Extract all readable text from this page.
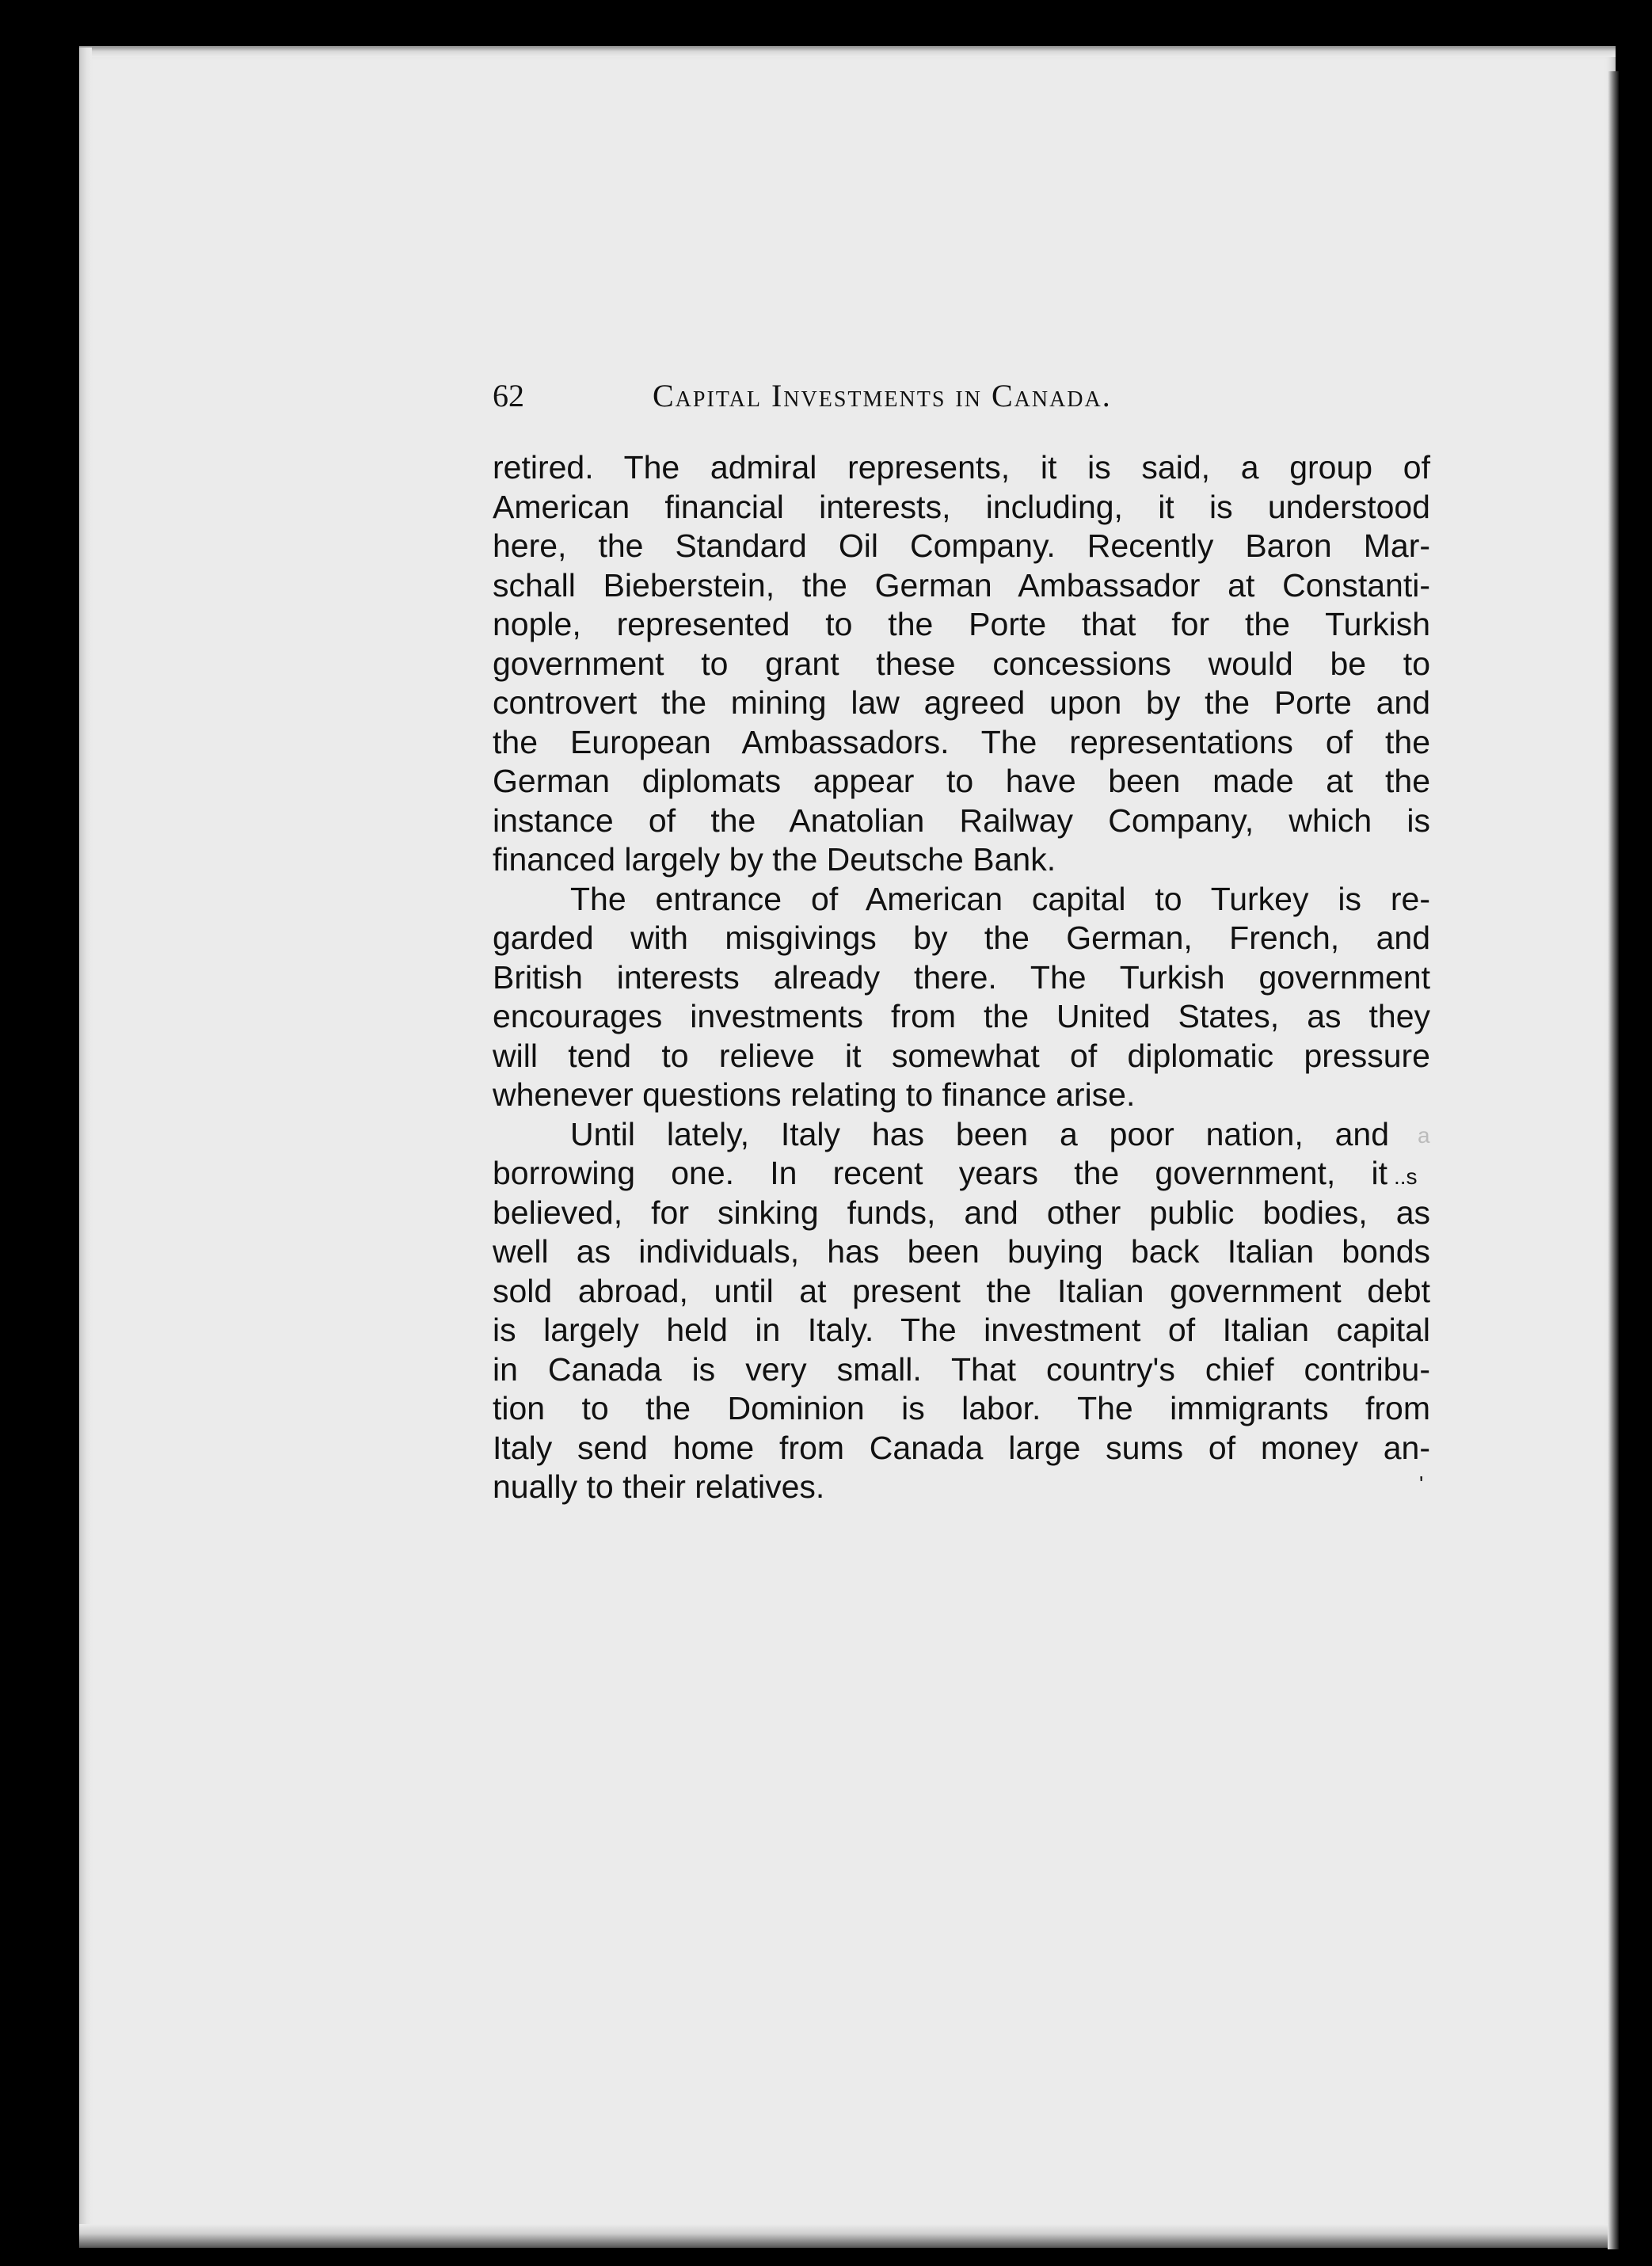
62	Capital Investments in Canada.

retired. The admiral represents, it is said, a group of
American financial interests, including, it is understood
here, the Standard Oil Company. Recently Baron Mar-
schall Bieberstein, the German Ambassador at Constanti-
nople, represented to the Porte that for the Turkish
government to grant these concessions would be to
controvert the mining law agreed upon by the Porte and
the European Ambassadors. The representations of the
German diplomats appear to have been made at the
instance of the Anatolian Railway Company, which is
financed largely by the Deutsche Bank.

The entrance of American capital to Turkey is re-
garded with misgivings by the German, French, and
British interests already there. The Turkish government
encourages investments from the United States, as they
will tend to relieve it somewhat of diplomatic pressure
whenever questions relating to finance arise.

Until lately, Italy has been a poor nation, and
borrowing one. In recent years the government, it
believed, for sinking funds, and other public bodies, as
well as individuals, has been buying back Italian bonds
sold abroad, until at present the Italian government debt
is largely held in Italy. The investment of Italian capital
in Canada is very small. That country's chief contribu-
tion to the Dominion is labor. The immigrants from
Italy send home from Canada large sums of money an-
nually to their relatives.

a
..s
'
